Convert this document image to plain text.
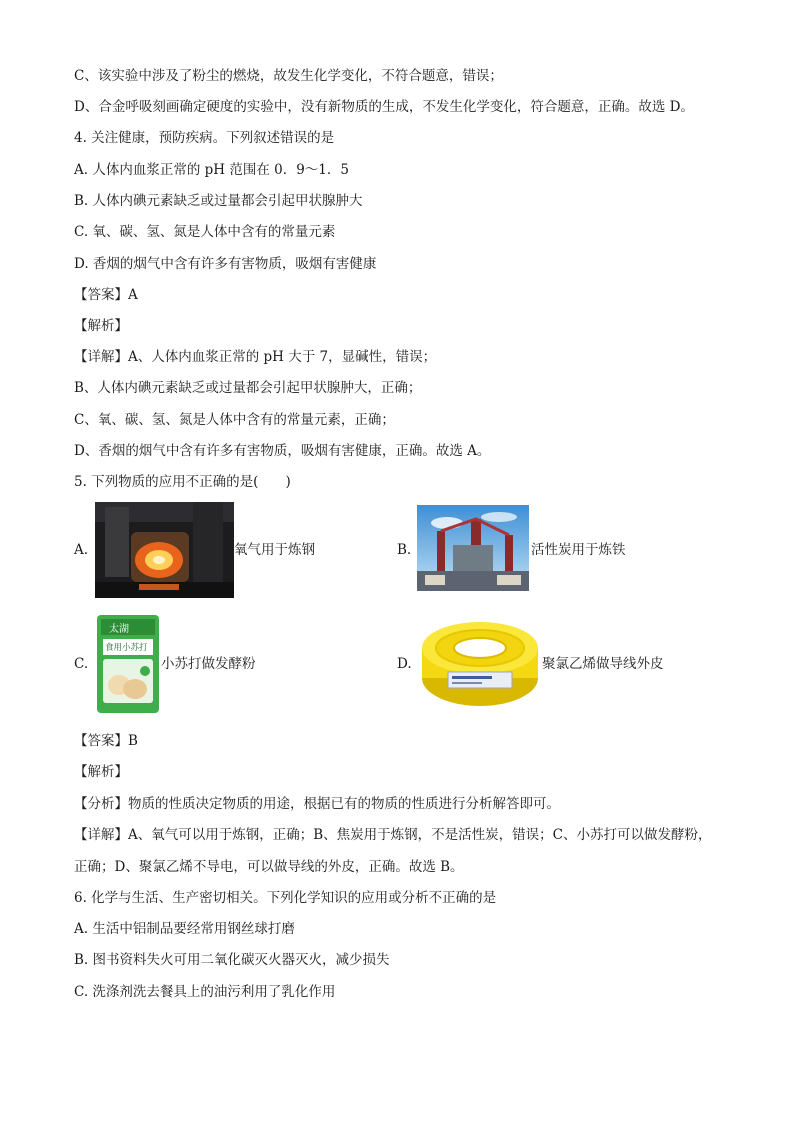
C、该实验中涉及了粉尘的燃烧，故发生化学变化，不符合题意，错误；
D、合金呼吸刻画确定硬度的实验中，没有新物质的生成，不发生化学变化，符合题意，正确。故选 D。
4. 关注健康，预防疾病。下列叙述错误的是
A. 人体内血浆正常的 pH 范围在 0．9～1．5
B. 人体内碘元素缺乏或过量都会引起甲状腺肿大
C. 氧、碳、氢、氮是人体中含有的常量元素
D. 香烟的烟气中含有许多有害物质，吸烟有害健康
【答案】A
【解析】
【详解】A、人体内血浆正常的 pH 大于 7，显碱性，错误；
B、人体内碘元素缺乏或过量都会引起甲状腺肿大，正确；
C、氧、碳、氢、氮是人体中含有的常量元素，正确；
D、香烟的烟气中含有许多有害物质，吸烟有害健康，正确。故选 A。
5. 下列物质的应用不正确的是(　　)
A.	氧气用于炼钢	B.	活性炭用于炼铁
C.
太湖
食用小苏打
小苏打做发酵粉	D.	聚氯乙烯做导线外皮
【答案】B
【解析】
【分析】物质的性质决定物质的用途，根据已有的物质的性质进行分析解答即可。
【详解】A、氧气可以用于炼钢，正确；B、焦炭用于炼钢，不是活性炭，错误；C、小苏打可以做发酵粉，
正确；D、聚氯乙烯不导电，可以做导线的外皮，正确。故选 B。
6. 化学与生活、生产密切相关。下列化学知识的应用或分析不正确的是
A. 生活中铝制品要经常用钢丝球打磨
B. 图书资料失火可用二氧化碳灭火器灭火，减少损失
C. 洗涤剂洗去餐具上的油污利用了乳化作用
